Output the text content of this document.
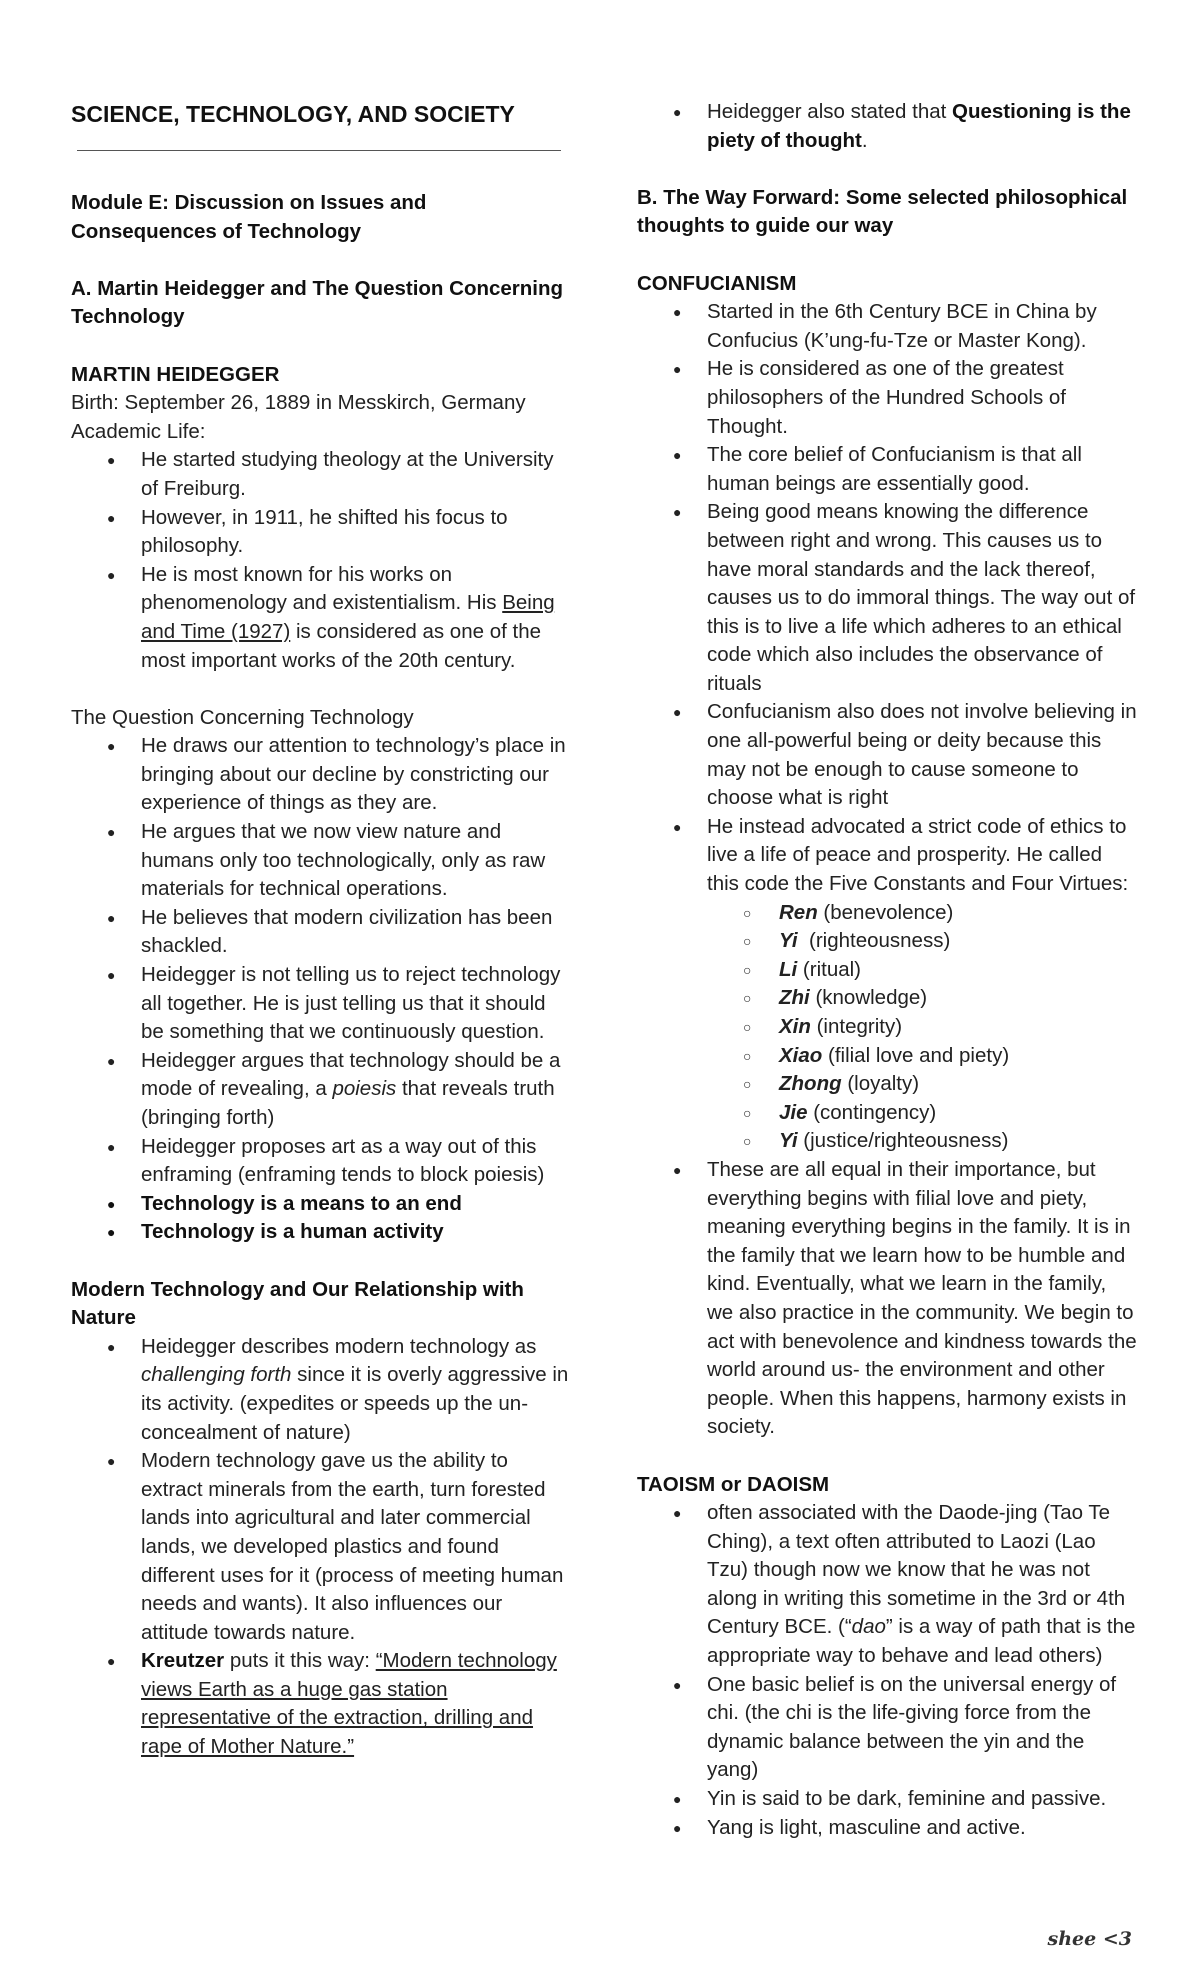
SCIENCE, TECHNOLOGY, AND SOCIETY

Module E: Discussion on Issues and Consequences of Technology

A. Martin Heidegger and The Question Concerning Technology

MARTIN HEIDEGGER

Birth: September 26, 1889 in Messkirch, Germany

Academic Life:

● He started studying theology at the University of Freiburg.
● However, in 1911, he shifted his focus to philosophy.
● He is most known for his works on phenomenology and existentialism. His Being and Time (1927) is considered as one of the most important works of the 20th century.

The Question Concerning Technology

● He draws our attention to technology’s place in bringing about our decline by constricting our experience of things as they are.
● He argues that we now view nature and humans only too technologically, only as raw materials for technical operations.
● He believes that modern civilization has been shackled.
● Heidegger is not telling us to reject technology all together. He is just telling us that it should be something that we continuously question.
● Heidegger argues that technology should be a mode of revealing, a poiesis that reveals truth (bringing forth)
● Heidegger proposes art as a way out of this enframing (enframing tends to block poiesis)
● Technology is a means to an end
● Technology is a human activity

Modern Technology and Our Relationship with Nature

● Heidegger describes modern technology as challenging forth since it is overly aggressive in its activity. (expedites or speeds up the un-concealment of nature)
● Modern technology gave us the ability to extract minerals from the earth, turn forested lands into agricultural and later commercial lands, we developed plastics and found different uses for it (process of meeting human needs and wants). It also influences our attitude towards nature.
● Kreutzer puts it this way: “Modern technology views Earth as a huge gas station representative of the extraction, drilling and rape of Mother Nature.”
● Heidegger also stated that Questioning is the piety of thought.

B. The Way Forward: Some selected philosophical thoughts to guide our way

CONFUCIANISM

● Started in the 6th Century BCE in China by Confucius (K’ung-fu-Tze or Master Kong).
● He is considered as one of the greatest philosophers of the Hundred Schools of Thought.
● The core belief of Confucianism is that all human beings are essentially good.
● Being good means knowing the difference between right and wrong. This causes us to have moral standards and the lack thereof, causes us to do immoral things. The way out of this is to live a life which adheres to an ethical code which also includes the observance of rituals
● Confucianism also does not involve believing in one all-powerful being or deity because this may not be enough to cause someone to choose what is right
● He instead advocated a strict code of ethics to live a life of peace and prosperity. He called this code the Five Constants and Four Virtues:
○ Ren (benevolence)
○ Yi  (righteousness)
○ Li (ritual)
○ Zhi (knowledge)
○ Xin (integrity)
○ Xiao (filial love and piety)
○ Zhong (loyalty)
○ Jie (contingency)
○ Yi (justice/righteousness)
● These are all equal in their importance, but everything begins with filial love and piety, meaning everything begins in the family. It is in the family that we learn how to be humble and kind. Eventually, what we learn in the family, we also practice in the community. We begin to act with benevolence and kindness towards the world around us- the environment and other people. When this happens, harmony exists in society.

TAOISM or DAOISM

● often associated with the Daode-jing (Tao Te Ching), a text often attributed to Laozi (Lao Tzu) though now we know that he was not along in writing this sometime in the 3rd or 4th Century BCE. (“dao” is a way of path that is the appropriate way to behave and lead others)
● One basic belief is on the universal energy of chi. (the chi is the life-giving force from the dynamic balance between the yin and the yang)
● Yin is said to be dark, feminine and passive.
● Yang is light, masculine and active.
shee <3
